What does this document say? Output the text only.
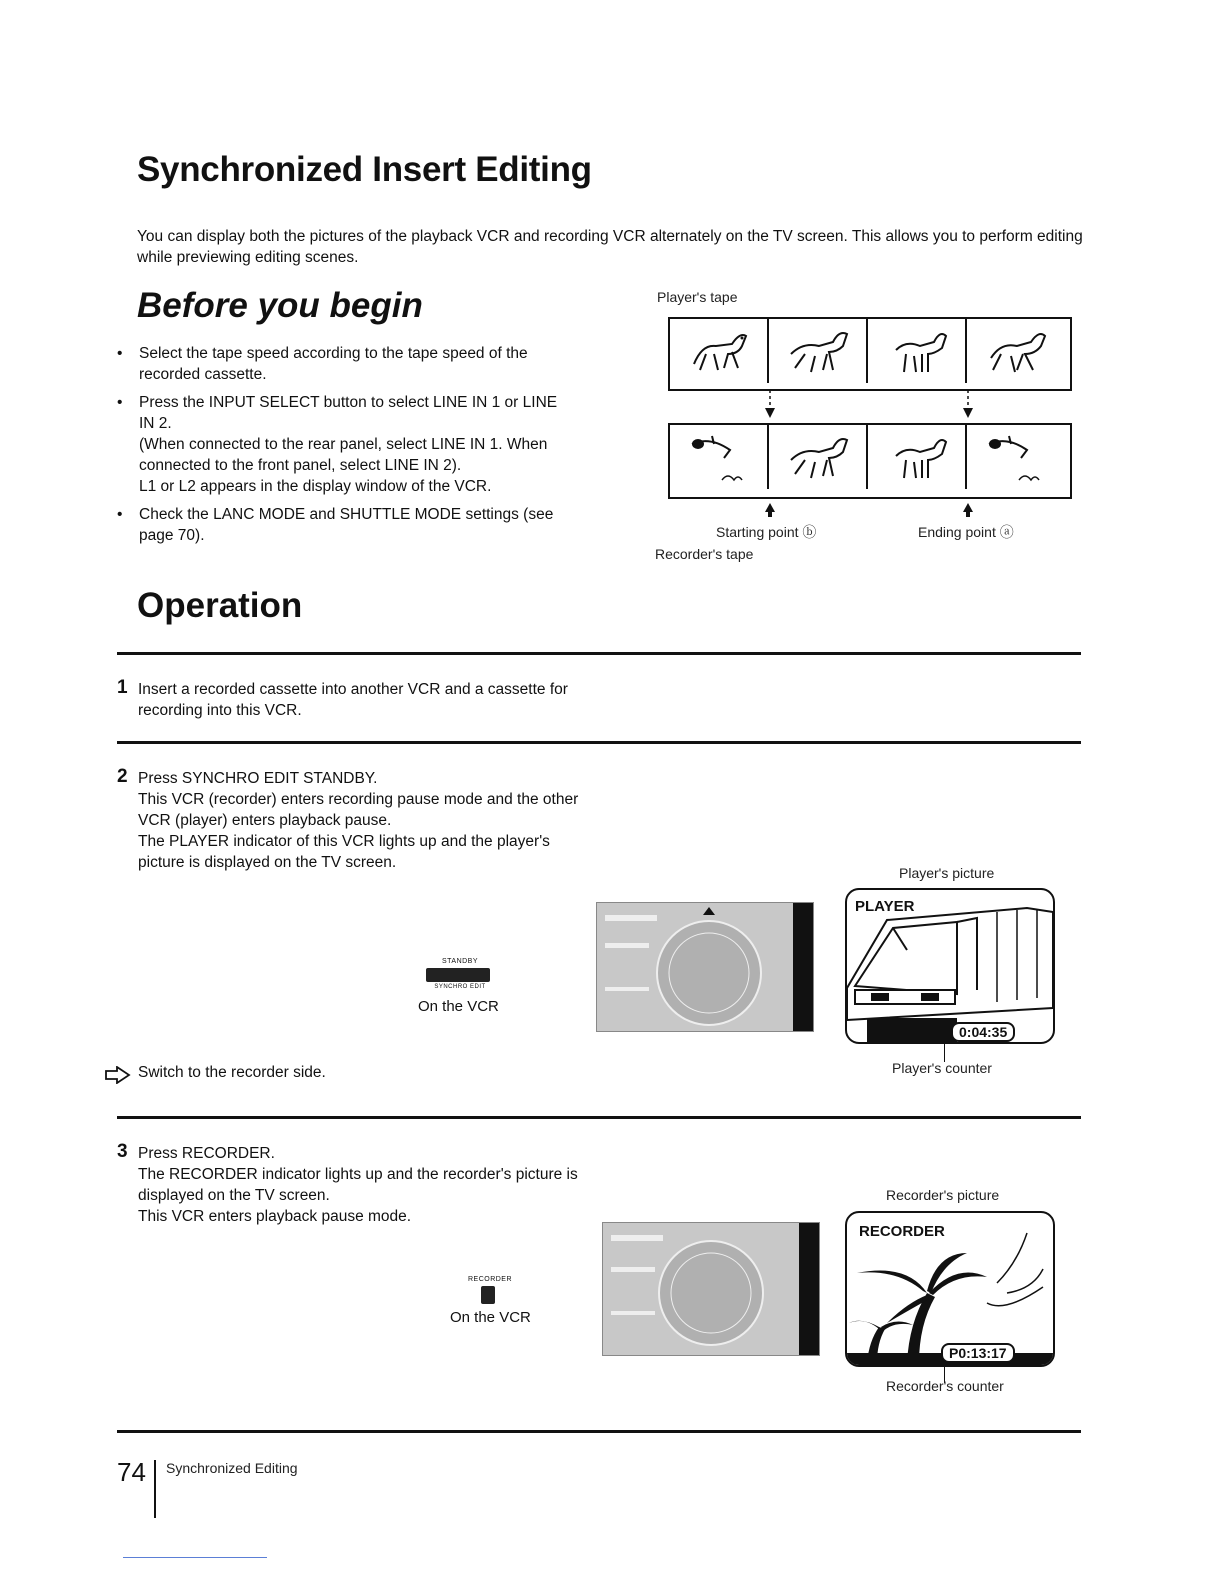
Synchronized Insert Editing

You can display both the pictures of the playback VCR and recording VCR alternately on the TV screen. This allows you to perform editing while previewing editing scenes.

Before you begin
• Select the tape speed according to the tape speed of the
recorded cassette.
• Press the INPUT SELECT button to select LINE IN 1 or LINE
IN 2.
(When connected to the rear panel, select LINE IN 1. When
connected to the front panel, select LINE IN 2).
L1 or L2 appears in the display window of the VCR.
• Check the LANC MODE and SHUTTLE MODE settings (see
page 70).
Player's tape
Starting point ⓑ	Ending point ⓐ
Recorder's tape
Operation
1 Insert a recorded cassette into another VCR and a cassette for
recording into this VCR.
2 Press SYNCHRO EDIT STANDBY.
This VCR (recorder) enters recording pause mode and the other
VCR (player) enters playback pause.
The PLAYER indicator of this VCR lights up and the player's
picture is displayed on the TV screen.
STANDBY
SYNCHRO EDIT
On the VCR
Player's picture
PLAYER
0:04:35
Player's counter
Switch to the recorder side.
3 Press RECORDER.
The RECORDER indicator lights up and the recorder's picture is
displayed on the TV screen.
This VCR enters playback pause mode.
RECORDER
On the VCR
Recorder's picture
RECORDER
P0:13:17
Recorder's counter
74 Synchronized Editing
